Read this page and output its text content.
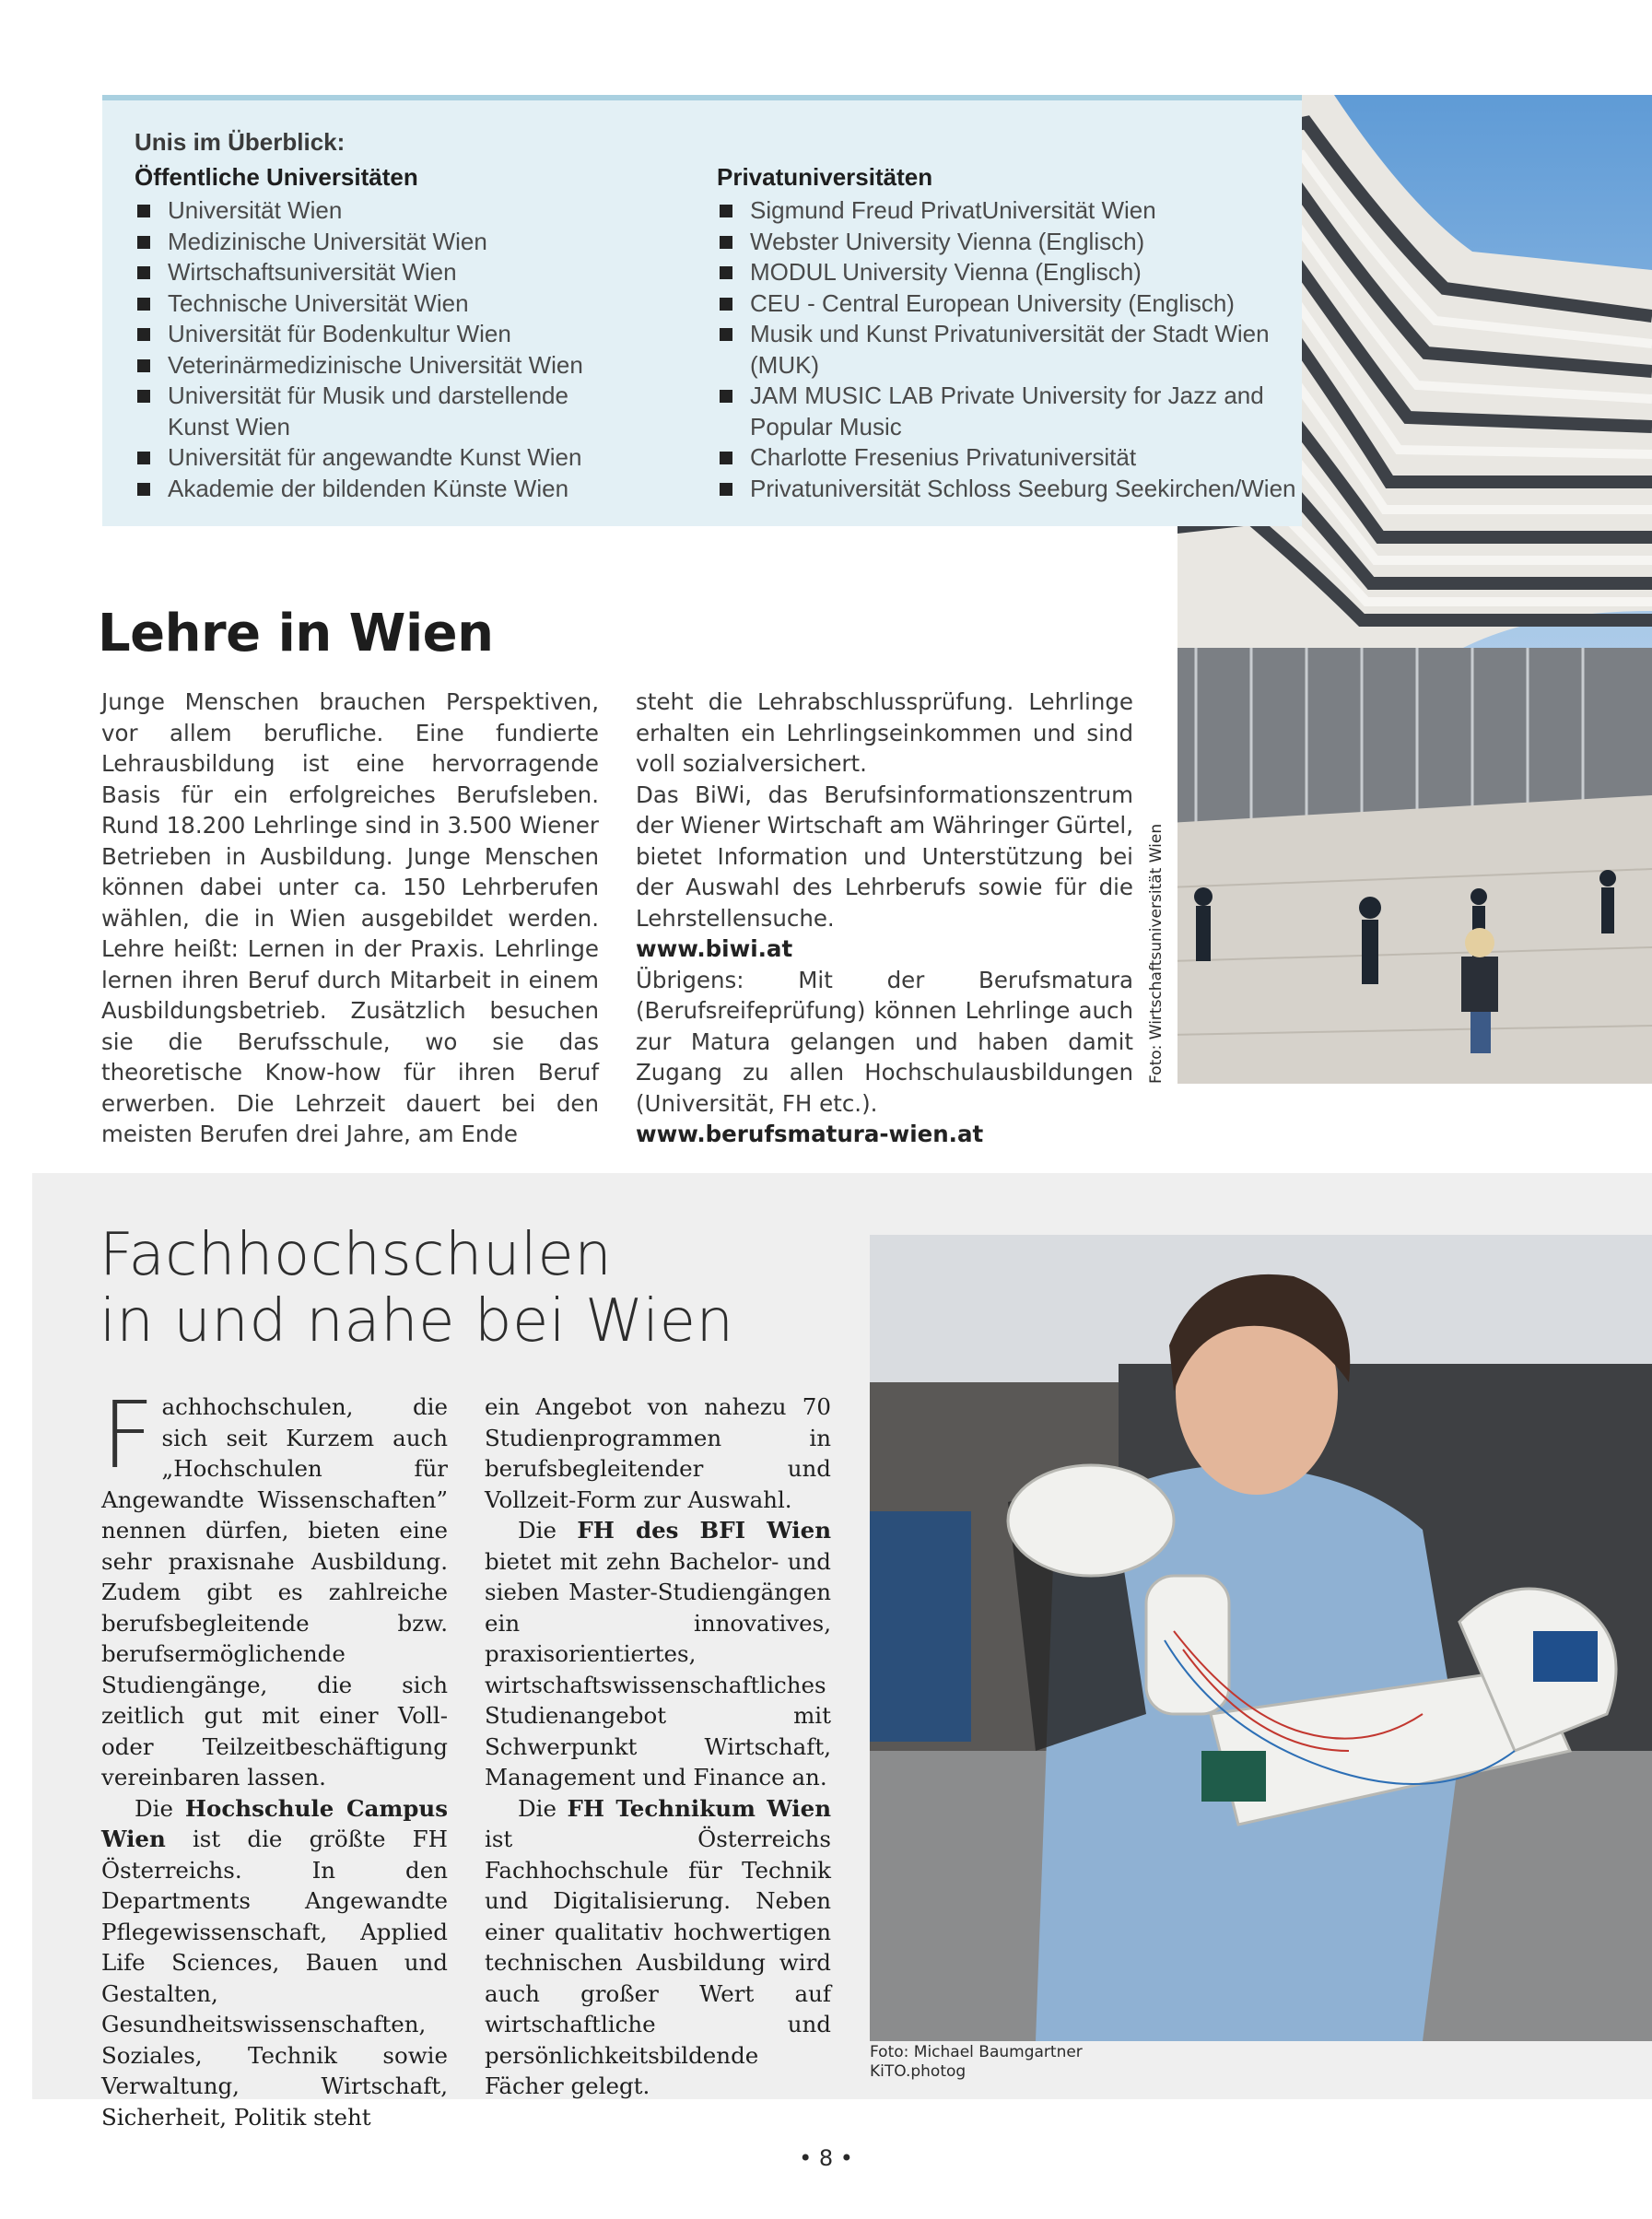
Unis im Überblick:
Öffentliche Universitäten
Universität Wien
Medizinische Universität Wien
Wirtschaftsuniversität Wien
Technische Universität Wien
Universität für Bodenkultur Wien
Veterinärmedizinische Universität Wien
Universität für Musik und darstellende Kunst Wien
Universität für angewandte Kunst Wien
Akademie der bildenden Künste Wien
Privatuniversitäten
Sigmund Freud PrivatUniversität Wien
Webster University Vienna (Englisch)
MODUL University Vienna (Englisch)
CEU - Central European University (Englisch)
Musik und Kunst Privatuniversität der Stadt Wien (MUK)
JAM MUSIC LAB Private University for Jazz and Popular Music
Charlotte Fresenius Privatuniversität
Privatuniversität Schloss Seeburg Seekirchen/Wien
Foto: Wirtschaftsuniversität Wien
Lehre in Wien

Junge Menschen brauchen Perspektiven, vor allem berufliche. Eine fundierte Lehrausbildung ist eine hervorragende Basis für ein erfolgreiches Berufsleben. Rund 18.200 Lehrlinge sind in 3.500 Wiener Betrieben in Ausbildung. Junge Menschen können dabei unter ca. 150 Lehrberufen wählen, die in Wien ausgebildet werden. Lehre heißt: Lernen in der Praxis. Lehrlinge lernen ihren Beruf durch Mitarbeit in einem Ausbildungsbetrieb. Zusätzlich besuchen sie die Berufsschule, wo sie das theoretische Know-how für ihren Beruf erwerben. Die Lehrzeit dauert bei den meisten Berufen drei Jahre, am Ende

steht die Lehrabschlussprüfung. Lehrlinge erhalten ein Lehrlingseinkommen und sind voll sozialversichert.

Das BiWi, das Berufsinformationszentrum der Wiener Wirtschaft am Währinger Gürtel, bietet Information und Unterstützung bei der Auswahl des Lehrberufs sowie für die Lehrstellensuche.

www.biwi.at

Übrigens: Mit der Berufsmatura (Berufsreifeprüfung) können Lehrlinge auch zur Matura gelangen und haben damit Zugang zu allen Hochschulausbildungen (Universität, FH etc.).

www.berufsmatura-wien.at

Fachhochschulen
in und nahe bei Wien

Fachhochschulen, die sich seit Kurzem auch „Hochschulen für Angewandte Wissenschaften” nennen dürfen, bieten eine sehr praxisnahe Ausbildung. Zudem gibt es zahlreiche berufsbegleitende bzw. berufsermöglichende Studiengänge, die sich zeitlich gut mit einer Voll- oder Teilzeitbeschäftigung vereinbaren lassen.

Die Hochschule Campus Wien ist die größte FH Österreichs. In den Departments Angewandte Pflegewissenschaft, Applied Life Sciences, Bauen und Gestalten, Gesundheitswissenschaften, Soziales, Technik sowie Verwaltung, Wirtschaft, Sicherheit, Politik steht

ein Angebot von nahezu 70 Studienprogrammen in berufsbegleitender und Vollzeit-Form zur Auswahl.

Die FH des BFI Wien bietet mit zehn Bachelor- und sieben Master-Studiengängen ein innovatives, praxisorientiertes, wirtschaftswissenschaftliches Studienangebot mit Schwerpunkt Wirtschaft, Management und Finance an.

Die FH Technikum Wien ist Österreichs Fachhochschule für Technik und Digitalisierung. Neben einer qualitativ hochwertigen technischen Ausbildung wird auch großer Wert auf wirtschaftliche und persönlichkeitsbildende Fächer gelegt.

Foto: Michael Baumgartner
KiTO.photog
• 8 •
